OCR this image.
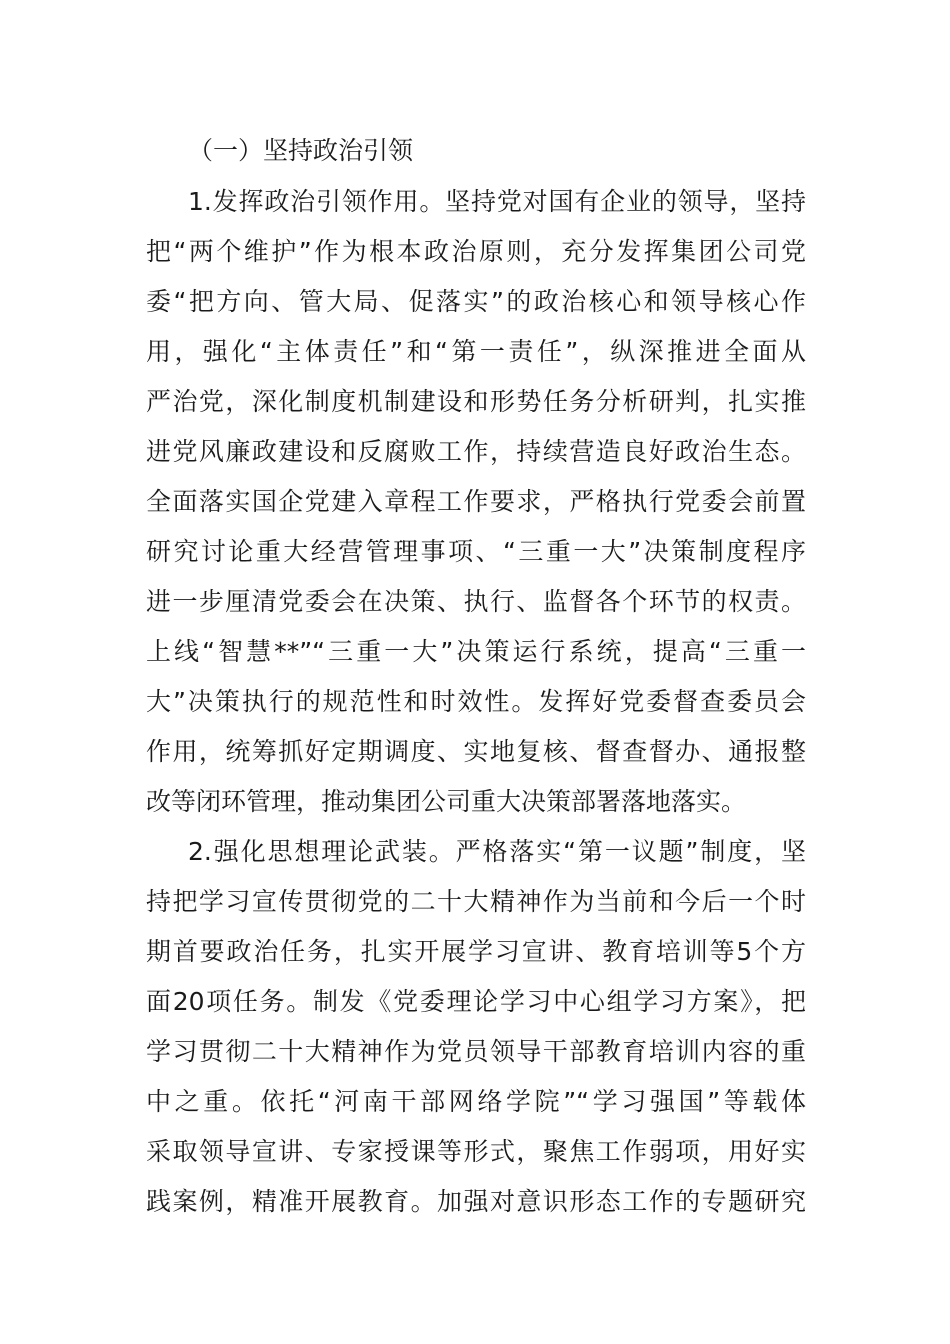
（一）坚持政治引领
1.发挥政治引领作用。坚持党对国有企业的领导，坚持
把“两个维护”作为根本政治原则，充分发挥集团公司党
委“把方向、管大局、促落实”的政治核心和领导核心作
用，强化“主体责任”和“第一责任”，纵深推进全面从
严治党，深化制度机制建设和形势任务分析研判，扎实推
进党风廉政建设和反腐败工作，持续营造良好政治生态。
全面落实国企党建入章程工作要求，严格执行党委会前置
研究讨论重大经营管理事项、“三重一大”决策制度程序
进一步厘清党委会在决策、执行、监督各个环节的权责。
上线“智慧**”“三重一大”决策运行系统，提高“三重一
大”决策执行的规范性和时效性。发挥好党委督查委员会
作用，统筹抓好定期调度、实地复核、督查督办、通报整
改等闭环管理，推动集团公司重大决策部署落地落实。
2.强化思想理论武装。严格落实“第一议题”制度，坚
持把学习宣传贯彻党的二十大精神作为当前和今后一个时
期首要政治任务，扎实开展学习宣讲、教育培训等5个方
面20项任务。制发《党委理论学习中心组学习方案》，把
学习贯彻二十大精神作为党员领导干部教育培训内容的重
中之重。依托“河南干部网络学院”“学习强国”等载体
采取领导宣讲、专家授课等形式，聚焦工作弱项，用好实
践案例，精准开展教育。加强对意识形态工作的专题研究
